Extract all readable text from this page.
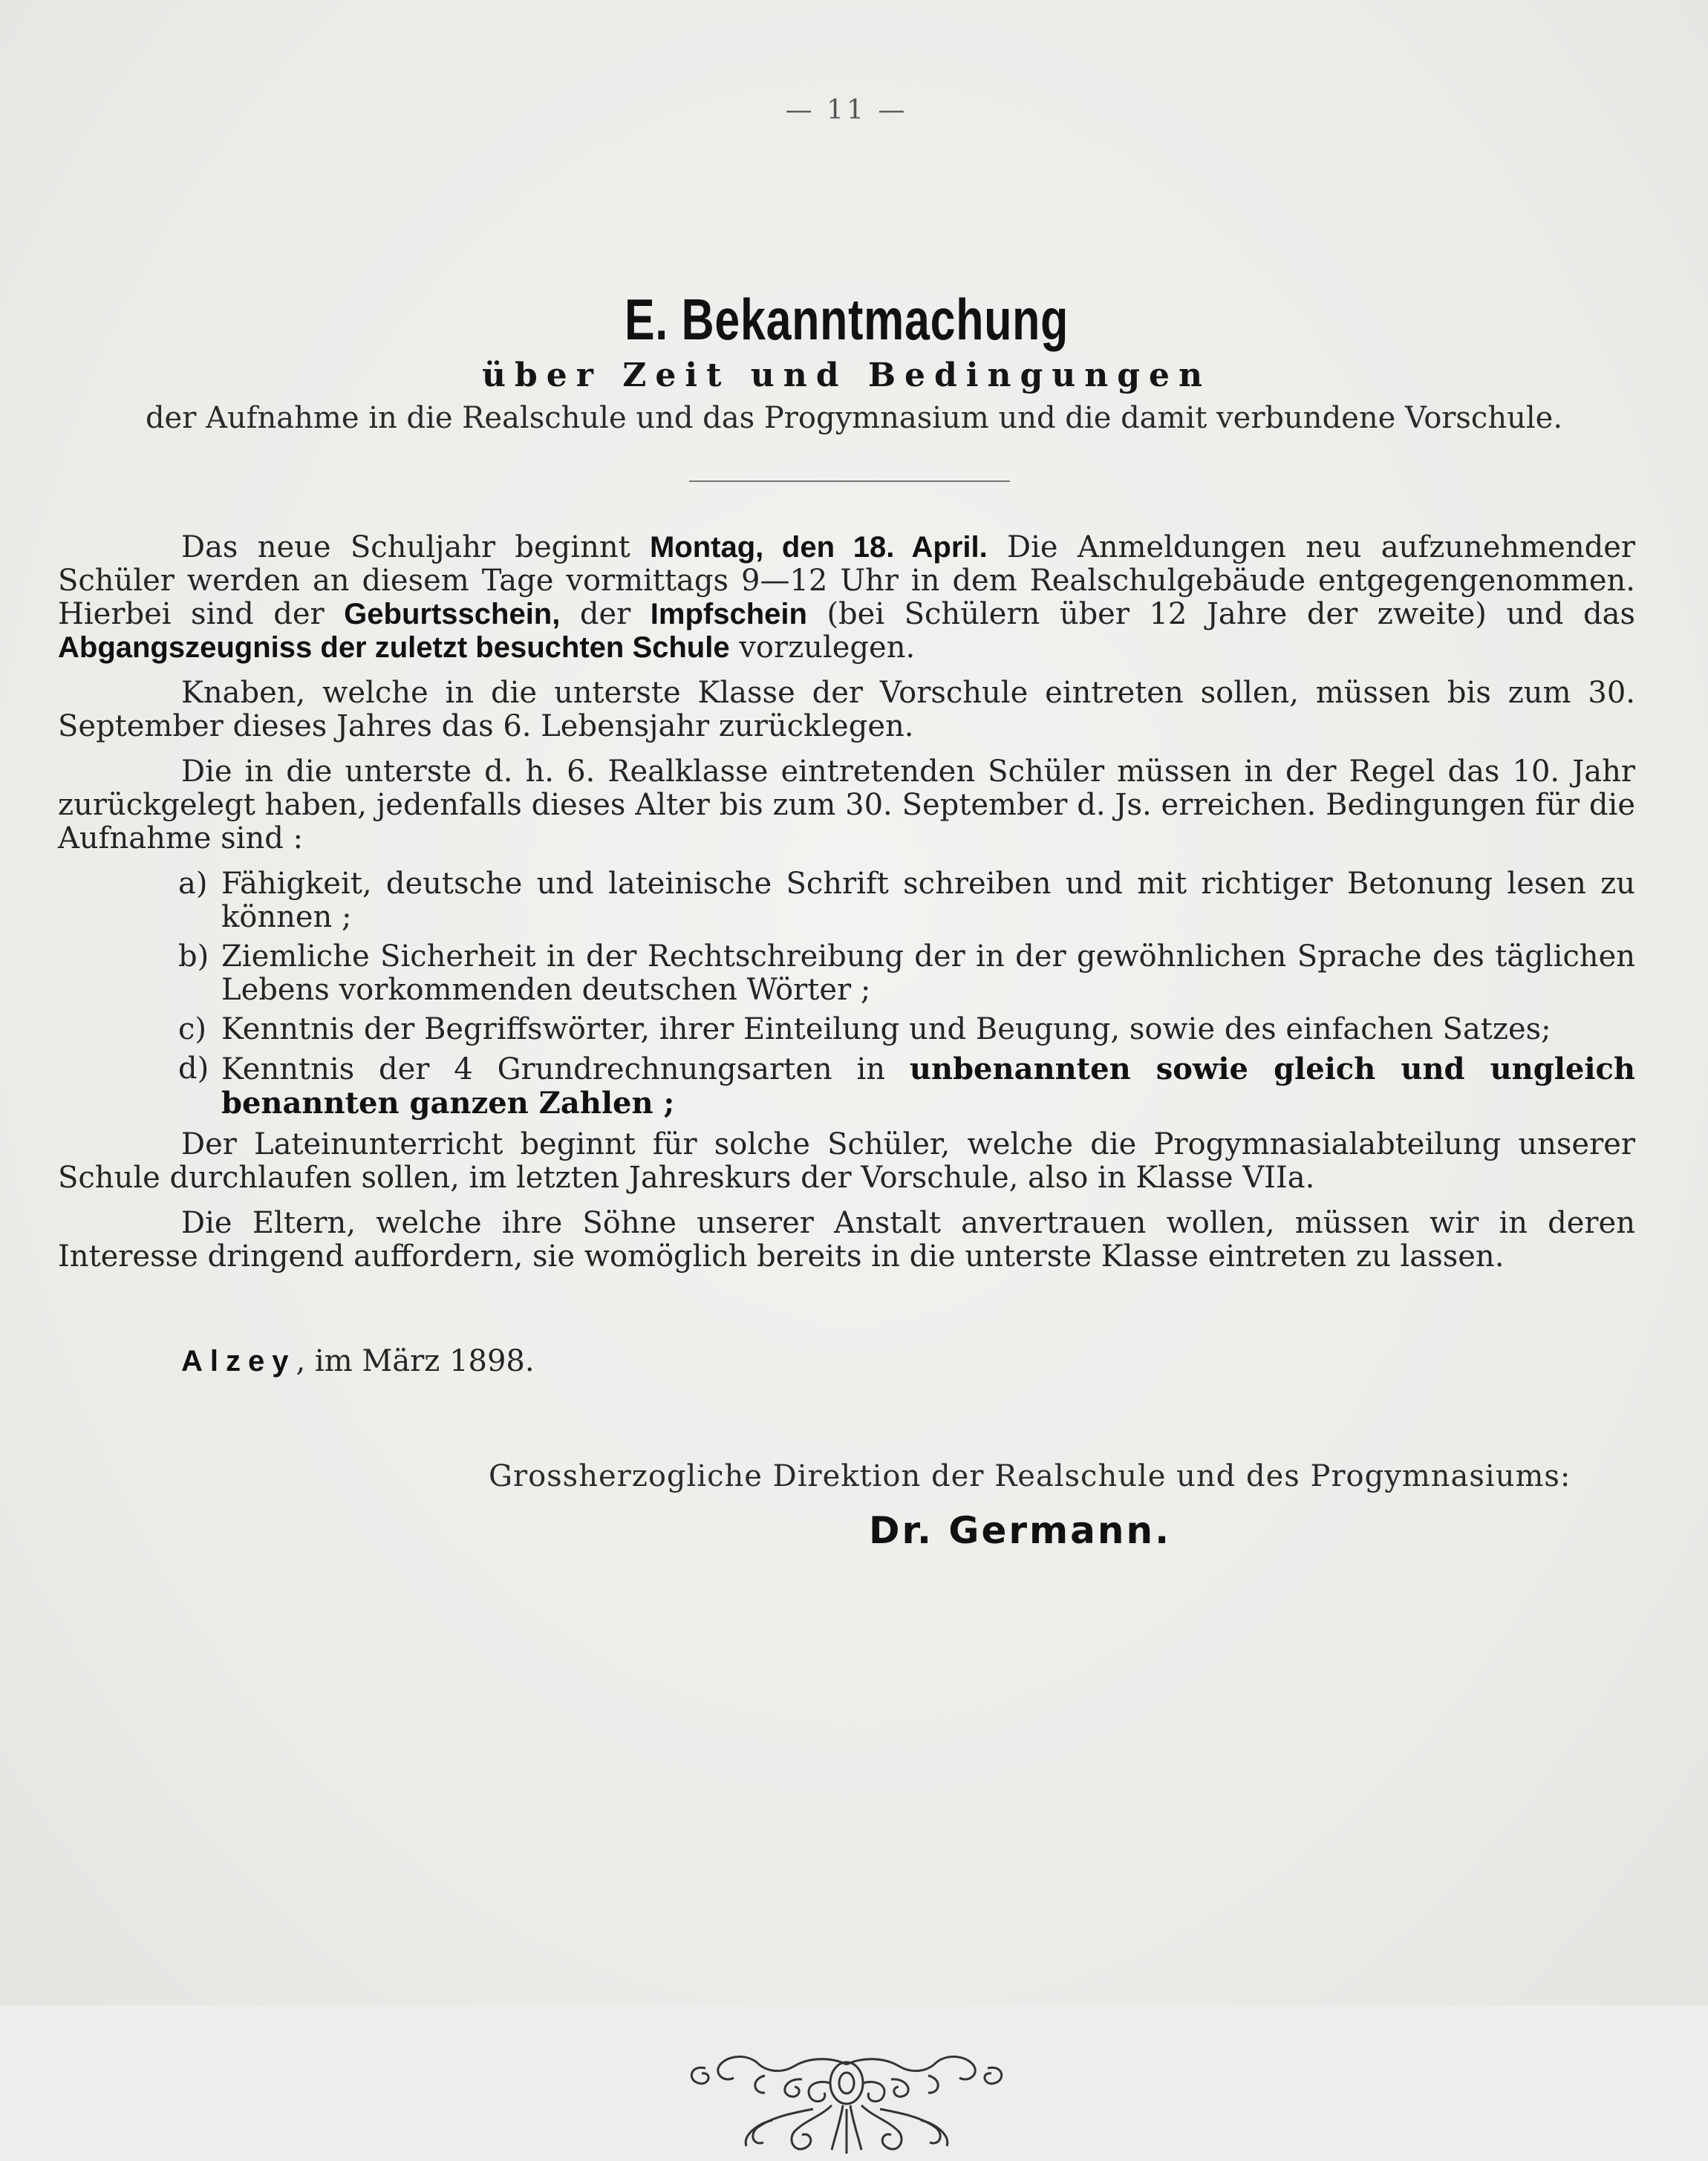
— 11 —
E. Bekanntmachung
über Zeit und Bedingungen
der Aufnahme in die Realschule und das Progymnasium und die damit verbundene Vorschule.

Das neue Schuljahr beginnt Montag, den 18. April. Die Anmeldungen neu aufzunehmender Schüler werden an diesem Tage vormittags 9—12 Uhr in dem Realschulgebäude entgegengenommen. Hierbei sind der Geburtsschein, der Impfschein (bei Schülern über 12 Jahre der zweite) und das Abgangszeugniss der zuletzt besuchten Schule vorzulegen.

Knaben, welche in die unterste Klasse der Vorschule eintreten sollen, müssen bis zum 30. September dieses Jahres das 6. Lebensjahr zurücklegen.

Die in die unterste d. h. 6. Realklasse eintretenden Schüler müssen in der Regel das 10. Jahr zurückgelegt haben, jedenfalls dieses Alter bis zum 30. September d. Js. erreichen. Bedingungen für die Aufnahme sind :

a) Fähigkeit, deutsche und lateinische Schrift schreiben und mit richtiger Betonung lesen zu können ;
b) Ziemliche Sicherheit in der Rechtschreibung der in der gewöhnlichen Sprache des täglichen Lebens vorkommenden deutschen Wörter ;
c) Kenntnis der Begriffswörter, ihrer Einteilung und Beugung, sowie des einfachen Satzes;
d) Kenntnis der 4 Grundrechnungsarten in unbenannten sowie gleich und ungleich benannten ganzen Zahlen ;

Der Lateinunterricht beginnt für solche Schüler, welche die Progymnasialabteilung unserer Schule durchlaufen sollen, im letzten Jahreskurs der Vorschule, also in Klasse VIIa.

Die Eltern, welche ihre Söhne unserer Anstalt anvertrauen wollen, müssen wir in deren Interesse dringend auffordern, sie womöglich bereits in die unterste Klasse eintreten zu lassen.

Alzey, im März 1898.
Grossherzogliche Direktion der Realschule und des Progymnasiums:
Dr. Germann.
